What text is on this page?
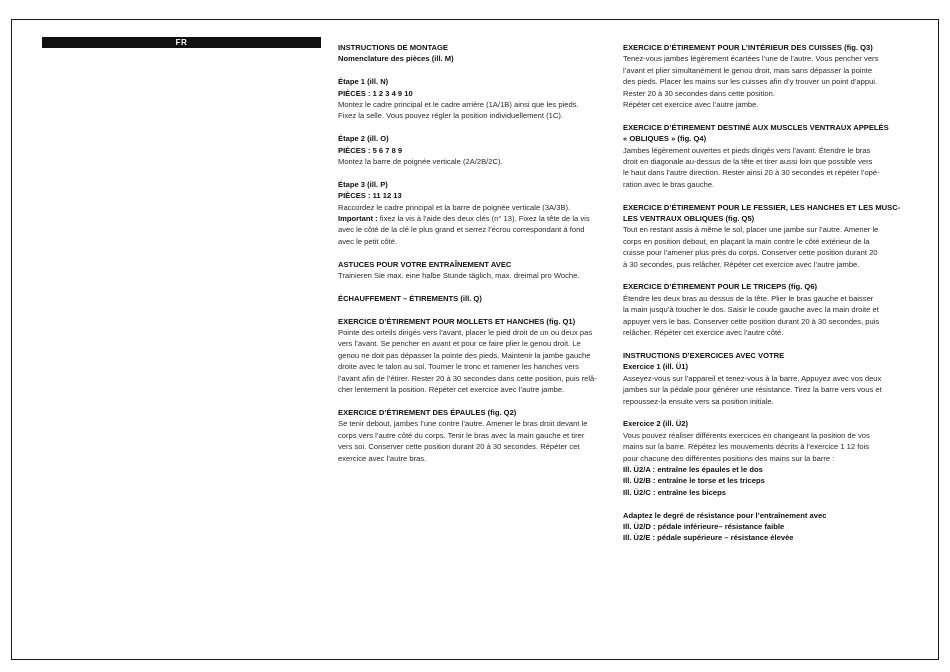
FR

INSTRUCTIONS DE MONTAGE

Nomenclature des pièces (ill. M)

Étape 1 (ill. N)

PIÈCES : 1 2 3 4 9 10

Montez le cadre principal et le cadre arrière (1A/1B) ainsi que les pieds.

Fixez la selle. Vous pouvez régler la position individuellement (1C).

Étape 2 (ill. O)

PIÈCES : 5 6 7 8 9

Montez la barre de poignée verticale (2A/2B/2C).

Étape 3 (ill. P)

PIÈCES : 11 12 13

Raccordez le cadre principal et la barre de poignée verticale (3A/3B).

Important : fixez la vis à l’aide des deux clés (n° 13). Fixez la tête de la vis

avec le côté de la clé le plus grand et serrez l’écrou correspondant à fond

avec le petit côté.

ASTUCES POUR VOTRE ENTRAÎNEMENT AVEC

Trainieren Sie max. eine halbe Stunde täglich, max. dreimal pro Woche.

ÉCHAUFFEMENT – ÉTIREMENTS (ill. Q)

EXERCICE D’ÉTIREMENT POUR MOLLETS ET HANCHES (fig. Q1)

Pointe des orteils dirigés vers l’avant, placer le pied droit de un ou deux pas

vers l’avant. Se pencher en avant et pour ce faire plier le genou droit. Le

genou ne doit pas dépasser la pointe des pieds. Maintenir la jambe gauche

droite avec le talon au sol. Tourner le tronc et ramener les hanches vers

l’avant afin de l’étirer. Rester 20 à 30 secondes dans cette position, puis relâ-

cher lentement la position. Répéter cet exercice avec l’autre jambe.

EXERCICE D’ÉTIREMENT DES ÉPAULES (fig. Q2)

Se tenir debout, jambes l’une contre l’autre. Amener le bras droit devant le

corps vers l’autre côté du corps. Tenir le bras avec la main gauche et tirer

vers soi. Conserver cette position durant 20 à 30 secondes. Répéter cet

exercice avec l’autre bras.

EXERCICE D’ÉTIREMENT POUR L’INTÉRIEUR DES CUISSES (fig. Q3)

Tenez-vous jambes légèrement écartées l’une de l’autre. Vous pencher vers

l’avant et plier simultanément le genou droit, mais sans dépasser la pointe

des pieds. Placer les mains sur les cuisses afin d’y trouver un point d’appui.

Rester 20 à 30 secondes dans cette position.

Répéter cet exercice avec l’autre jambe.

EXERCICE D’ÉTIREMENT DESTINÉ AUX MUSCLES VENTRAUX APPELÉS

« OBLIQUES » (fig. Q4)

Jambes légèrement ouvertes et pieds dirigés vers l’avant. Étendre le bras

droit en diagonale au-dessus de la tête et tirer aussi loin que possible vers

le haut dans l’autre direction. Rester ainsi 20 à 30 secondes et répéter l’opé-

ration avec le bras gauche.

EXERCICE D’ÉTIREMENT POUR LE FESSIER, LES HANCHES ET LES MUSC-

LES VENTRAUX OBLIQUES (fig. Q5)

Tout en restant assis à même le sol, placer une jambe sur l’autre. Amener le

corps en position debout, en plaçant la main contre le côté extérieur de la

cuisse pour l’amener plus près du corps. Conserver cette position durant 20

à 30 secondes, puis relâcher. Répéter cet exercice avec l’autre jambe.

EXERCICE D’ÉTIREMENT POUR LE TRICEPS (fig. Q6)

Étendre les deux bras au dessus de la tête. Plier le bras gauche et baisser

la main jusqu’à toucher le dos. Saisir le coude gauche avec la main droite et

appuyer vers le bas. Conserver cette position durant 20 à 30 secondes, puis

relâcher. Répéter cet exercice avec l’autre côté.

INSTRUCTIONS D’EXERCICES AVEC VOTRE

Exercice 1 (ill. Ü1)

Asseyez-vous sur l’appareil et tenez-vous à la barre. Appuyez avec vos deux

jambes sur la pédale pour générer une résistance. Tirez la barre vers vous et

repoussez-la ensuite vers sa position initiale.

Exercice 2 (ill. Ü2)

Vous pouvez réaliser différents exercices en changeant la position de vos

mains sur la barre. Répétez les mouvements décrits à l’exercice 1 12 fois

pour chacune des différentes positions des mains sur la barre :

Ill. Ü2/A : entraîne les épaules et le dos

Ill. Ü2/B : entraîne le torse et les triceps

Ill. Ü2/C : entraîne les biceps

Adaptez le degré de résistance pour l’entraînement avec

Ill. Ü2/D : pédale inférieure– résistance faible

Ill. Ü2/E : pédale supérieure – résistance élevée
